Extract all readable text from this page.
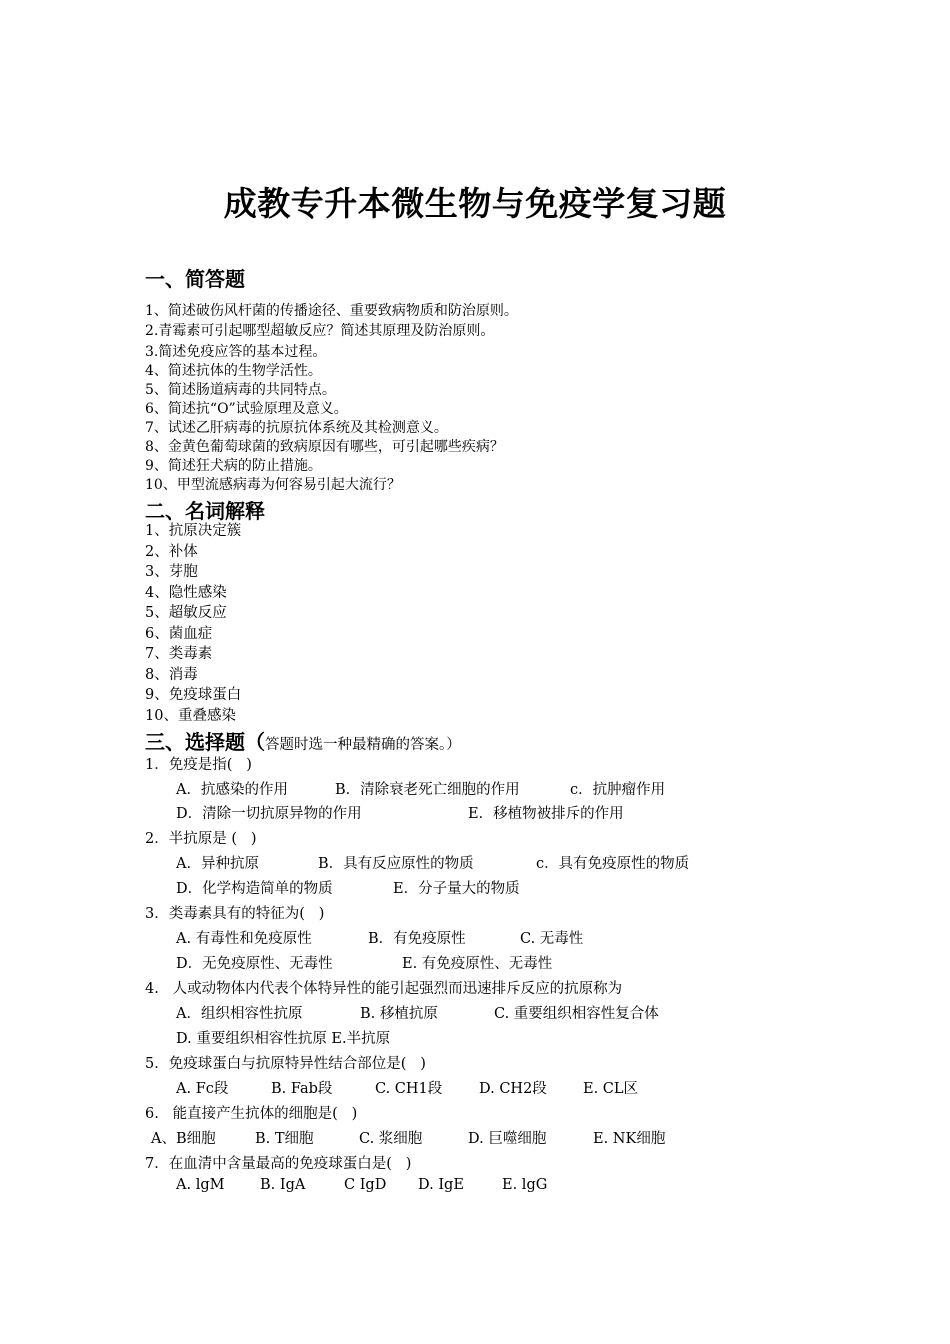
成教专升本微生物与免疫学复习题
一、简答题
1、简述破伤风杆菌的传播途径、重要致病物质和防治原则。
2.青霉素可引起哪型超敏反应？简述其原理及防治原则。
3.简述免疫应答的基本过程。
4、简述抗体的生物学活性。
5、简述肠道病毒的共同特点。
6、简述抗“O”试验原理及意义。
7、试述乙肝病毒的抗原抗体系统及其检测意义。
8、金黄色葡萄球菌的致病原因有哪些，可引起哪些疾病？
9、简述狂犬病的防止措施。
10、甲型流感病毒为何容易引起大流行？
二、名词解释
1、抗原决定簇
2、补体
3、芽胞
4、隐性感染
5、超敏反应
6、菌血症
7、类毒素
8、消毒
9、免疫球蛋白
10、重叠感染
三、选择题（答题时选一种最精确的答案。）
1．免疫是指(   )
A．抗感染的作用	B．清除衰老死亡细胞的作用	c．抗肿瘤作用
D．清除一切抗原异物的作用	E．移植物被排斥的作用
2．半抗原是 (   )
A．异种抗原	B．具有反应原性的物质	c．具有免疫原性的物质
D．化学构造简单的物质	E．分子量大的物质
3．类毒素具有的特征为(   )
A. 有毒性和免疫原性	B．有免疫原性	C. 无毒性
D．无免疫原性、无毒性	E. 有免疫原性、无毒性
4.   人或动物体内代表个体特异性的能引起强烈而迅速排斥反应的抗原称为
A．组织相容性抗原	B. 移植抗原	C. 重要组织相容性复合体
D. 重要组织相容性抗原 E.半抗原
5．免疫球蛋白与抗原特异性结合部位是(   )
A. Fc段	B. Fab段	C. CH1段	D. CH2段 E. CL区
6.   能直接产生抗体的细胞是(   )
A、B细胞	B. T细胞	C. 浆细胞	D. 巨噬细胞	E. NK细胞
7．在血清中含量最高的免疫球蛋白是(   )
A. lgM B. IgA	C IgD D. IgE	E. lgG
